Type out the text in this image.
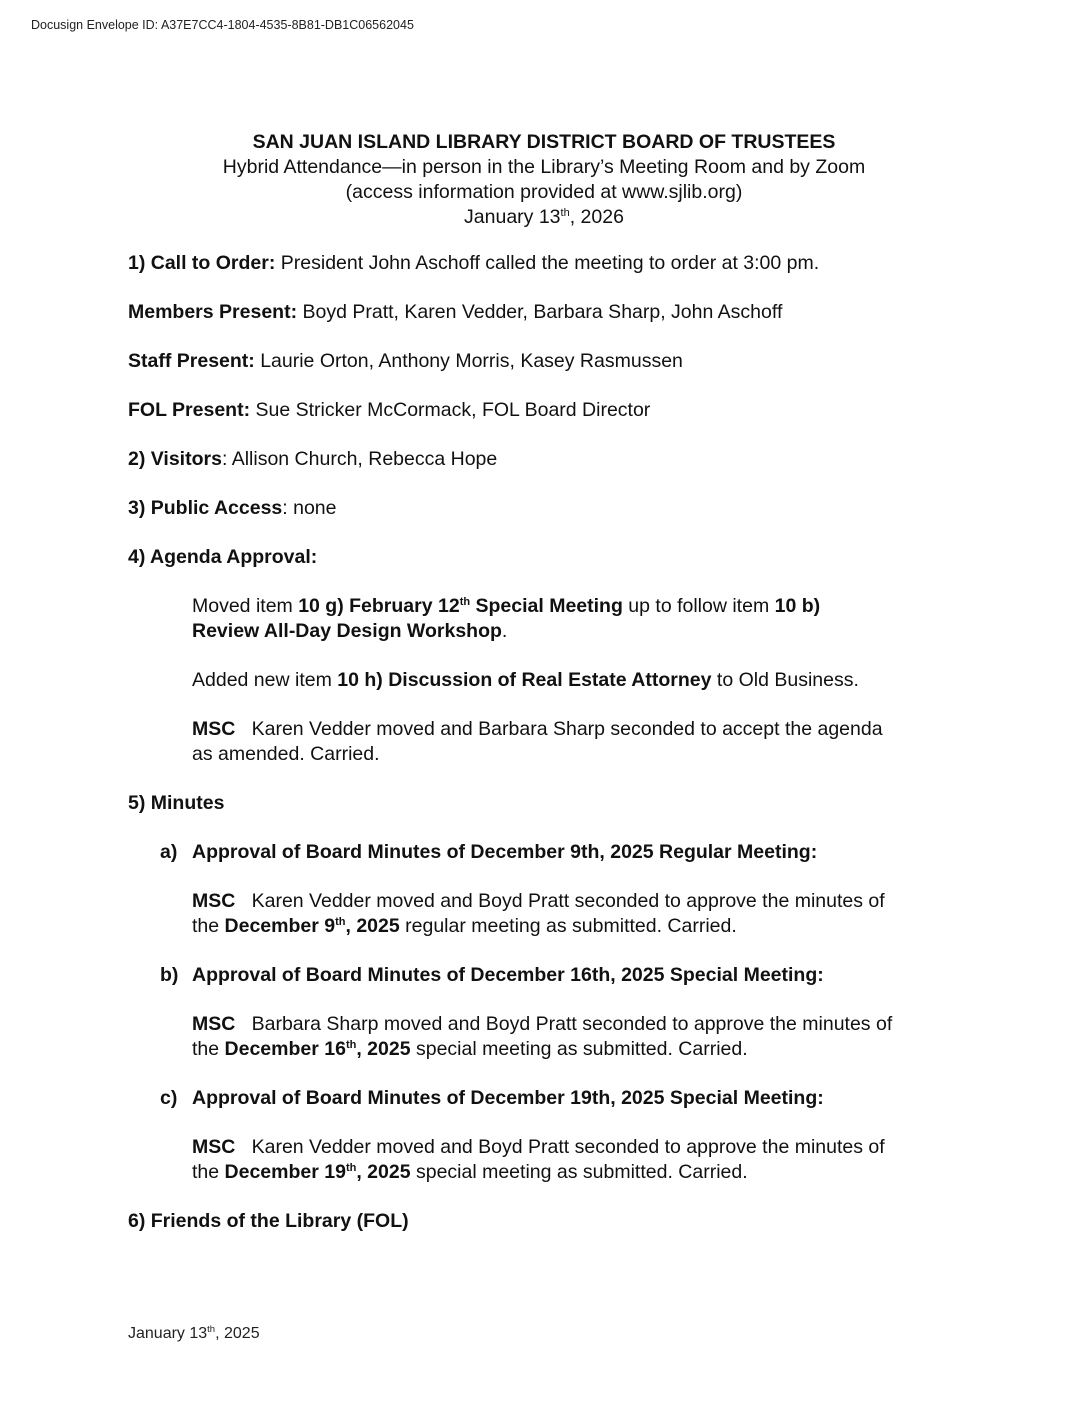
Docusign Envelope ID: A37E7CC4-1804-4535-8B81-DB1C06562045
SAN JUAN ISLAND LIBRARY DISTRICT BOARD OF TRUSTEES
Hybrid Attendance—in person in the Library’s Meeting Room and by Zoom
(access information provided at www.sjlib.org)
January 13th, 2026
1) Call to Order: President John Aschoff called the meeting to order at 3:00 pm.
Members Present: Boyd Pratt, Karen Vedder, Barbara Sharp, John Aschoff
Staff Present: Laurie Orton, Anthony Morris, Kasey Rasmussen
FOL Present: Sue Stricker McCormack, FOL Board Director
2) Visitors: Allison Church, Rebecca Hope
3) Public Access: none
4) Agenda Approval:
Moved item 10 g) February 12th Special Meeting up to follow item 10 b)
Review All-Day Design Workshop.
Added new item 10 h) Discussion of Real Estate Attorney to Old Business.
MSC   Karen Vedder moved and Barbara Sharp seconded to accept the agenda
as amended. Carried.
5) Minutes
a) Approval of Board Minutes of December 9th, 2025 Regular Meeting:
MSC   Karen Vedder moved and Boyd Pratt seconded to approve the minutes of
the December 9th, 2025 regular meeting as submitted. Carried.
b) Approval of Board Minutes of December 16th, 2025 Special Meeting:
MSC   Barbara Sharp moved and Boyd Pratt seconded to approve the minutes of
the December 16th, 2025 special meeting as submitted. Carried.
c) Approval of Board Minutes of December 19th, 2025 Special Meeting:
MSC   Karen Vedder moved and Boyd Pratt seconded to approve the minutes of
the December 19th, 2025 special meeting as submitted. Carried.
6) Friends of the Library (FOL)
January 13th, 2025
